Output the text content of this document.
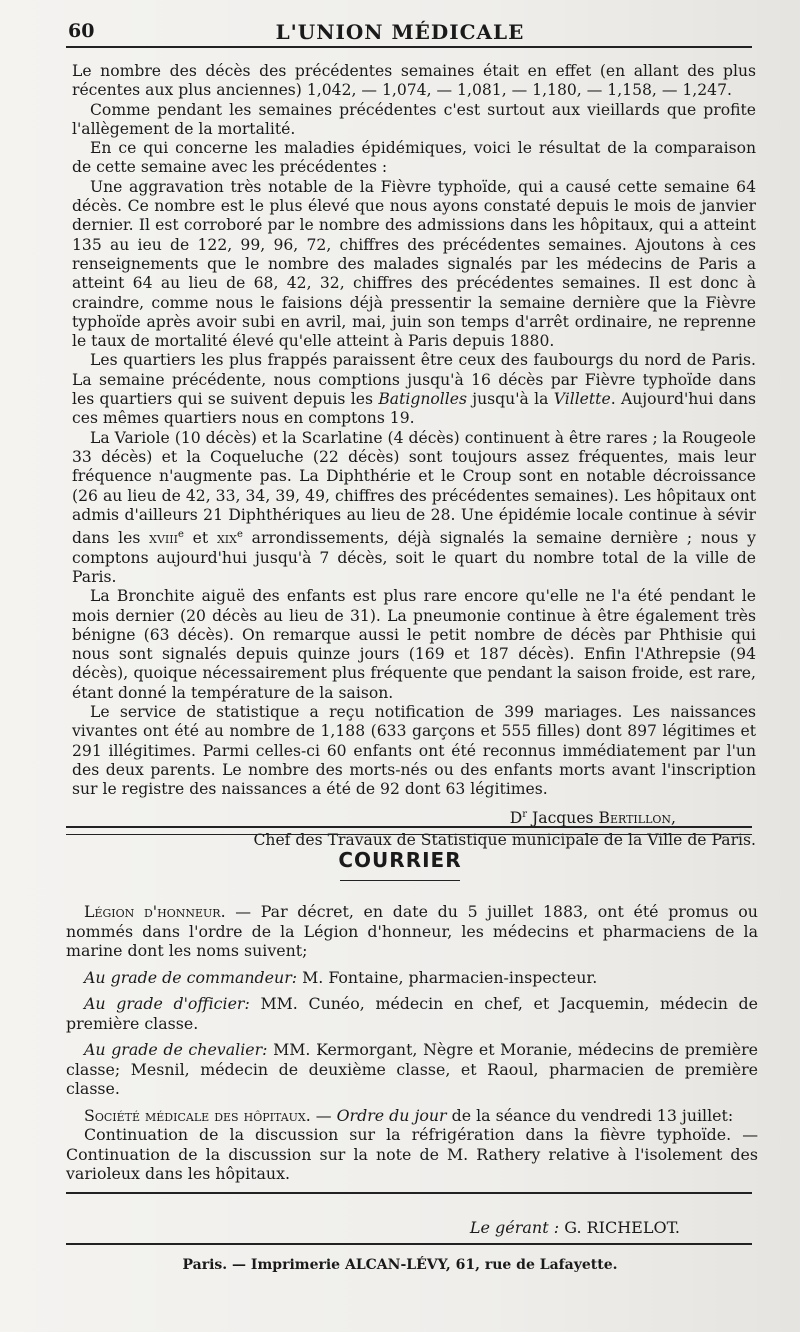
60	L'UNION MÉDICALE

Le nombre des décès des précédentes semaines était en effet (en allant des plus récentes aux plus anciennes) 1,042, — 1,074, — 1,081, — 1,180, — 1,158, — 1,247.

Comme pendant les semaines précédentes c'est surtout aux vieillards que profite l'allègement de la mortalité.

En ce qui concerne les maladies épidémiques, voici le résultat de la comparaison de cette semaine avec les précédentes :

Une aggravation très notable de la Fièvre typhoïde, qui a causé cette semaine 64 décès. Ce nombre est le plus élevé que nous ayons constaté depuis le mois de janvier dernier. Il est corroboré par le nombre des admissions dans les hôpitaux, qui a atteint 135 au ieu de 122, 99, 96, 72, chiffres des précédentes semaines. Ajoutons à ces renseignements que le nombre des malades signalés par les médecins de Paris a atteint 64 au lieu de 68, 42, 32, chiffres des précédentes semaines. Il est donc à craindre, comme nous le faisions déjà pressentir la semaine dernière que la Fièvre typhoïde après avoir subi en avril, mai, juin son temps d'arrêt ordinaire, ne reprenne le taux de mortalité élevé qu'elle atteint à Paris depuis 1880.

Les quartiers les plus frappés paraissent être ceux des faubourgs du nord de Paris. La semaine précédente, nous comptions jusqu'à 16 décès par Fièvre typhoïde dans les quartiers qui se suivent depuis les Batignolles jusqu'à la Villette. Aujourd'hui dans ces mêmes quartiers nous en comptons 19.

La Variole (10 décès) et la Scarlatine (4 décès) continuent à être rares ; la Rougeole 33 décès) et la Coqueluche (22 décès) sont toujours assez fréquentes, mais leur fréquence n'augmente pas. La Diphthérie et le Croup sont en notable décroissance (26 au lieu de 42, 33, 34, 39, 49, chiffres des précédentes semaines). Les hôpitaux ont admis d'ailleurs 21 Diphthériques au lieu de 28. Une épidémie locale continue à sévir dans les xviii$^e$ et xix$^e$ arrondissements, déjà signalés la semaine dernière ; nous y comptons aujourd'hui jusqu'à 7 décès, soit le quart du nombre total de la ville de Paris.

La Bronchite aiguë des enfants est plus rare encore qu'elle ne l'a été pendant le mois dernier (20 décès au lieu de 31). La pneumonie continue à être également très bénigne (63 décès). On remarque aussi le petit nombre de décès par Phthisie qui nous sont signalés depuis quinze jours (169 et 187 décès). Enfin l'Athrepsie (94 décès), quoique nécessairement plus fréquente que pendant la saison froide, est rare, étant donné la température de la saison.

Le service de statistique a reçu notification de 399 mariages. Les naissances vivantes ont été au nombre de 1,188 (633 garçons et 555 filles) dont 897 légitimes et 291 illégitimes. Parmi celles-ci 60 enfants ont été reconnus immédiatement par l'un des deux parents. Le nombre des morts-nés ou des enfants morts avant l'inscription sur le registre des naissances a été de 92 dont 63 légitimes.

$D^r$ Jacques Bertillon,
Chef des Travaux de Statistique municipale de la Ville de Paris.
COURRIER

Légion d'honneur. — Par décret, en date du 5 juillet 1883, ont été promus ou nommés dans l'ordre de la Légion d'honneur, les médecins et pharmaciens de la marine dont les noms suivent;

Au grade de commandeur: M. Fontaine, pharmacien-inspecteur.

Au grade d'officier: MM. Cunéo, médecin en chef, et Jacquemin, médecin de première classe.

Au grade de chevalier: MM. Kermorgant, Nègre et Moranie, médecins de première classe; Mesnil, médecin de deuxième classe, et Raoul, pharmacien de première classe.

Société médicale des hôpitaux. — Ordre du jour de la séance du vendredi 13 juillet:

Continuation de la discussion sur la réfrigération dans la fièvre typhoïde. — Continuation de la discussion sur la note de M. Rathery relative à l'isolement des varioleux dans les hôpitaux.

Le gérant : G. RICHELOT.
Paris. — Imprimerie ALCAN-LÉVY, 61, rue de Lafayette.
